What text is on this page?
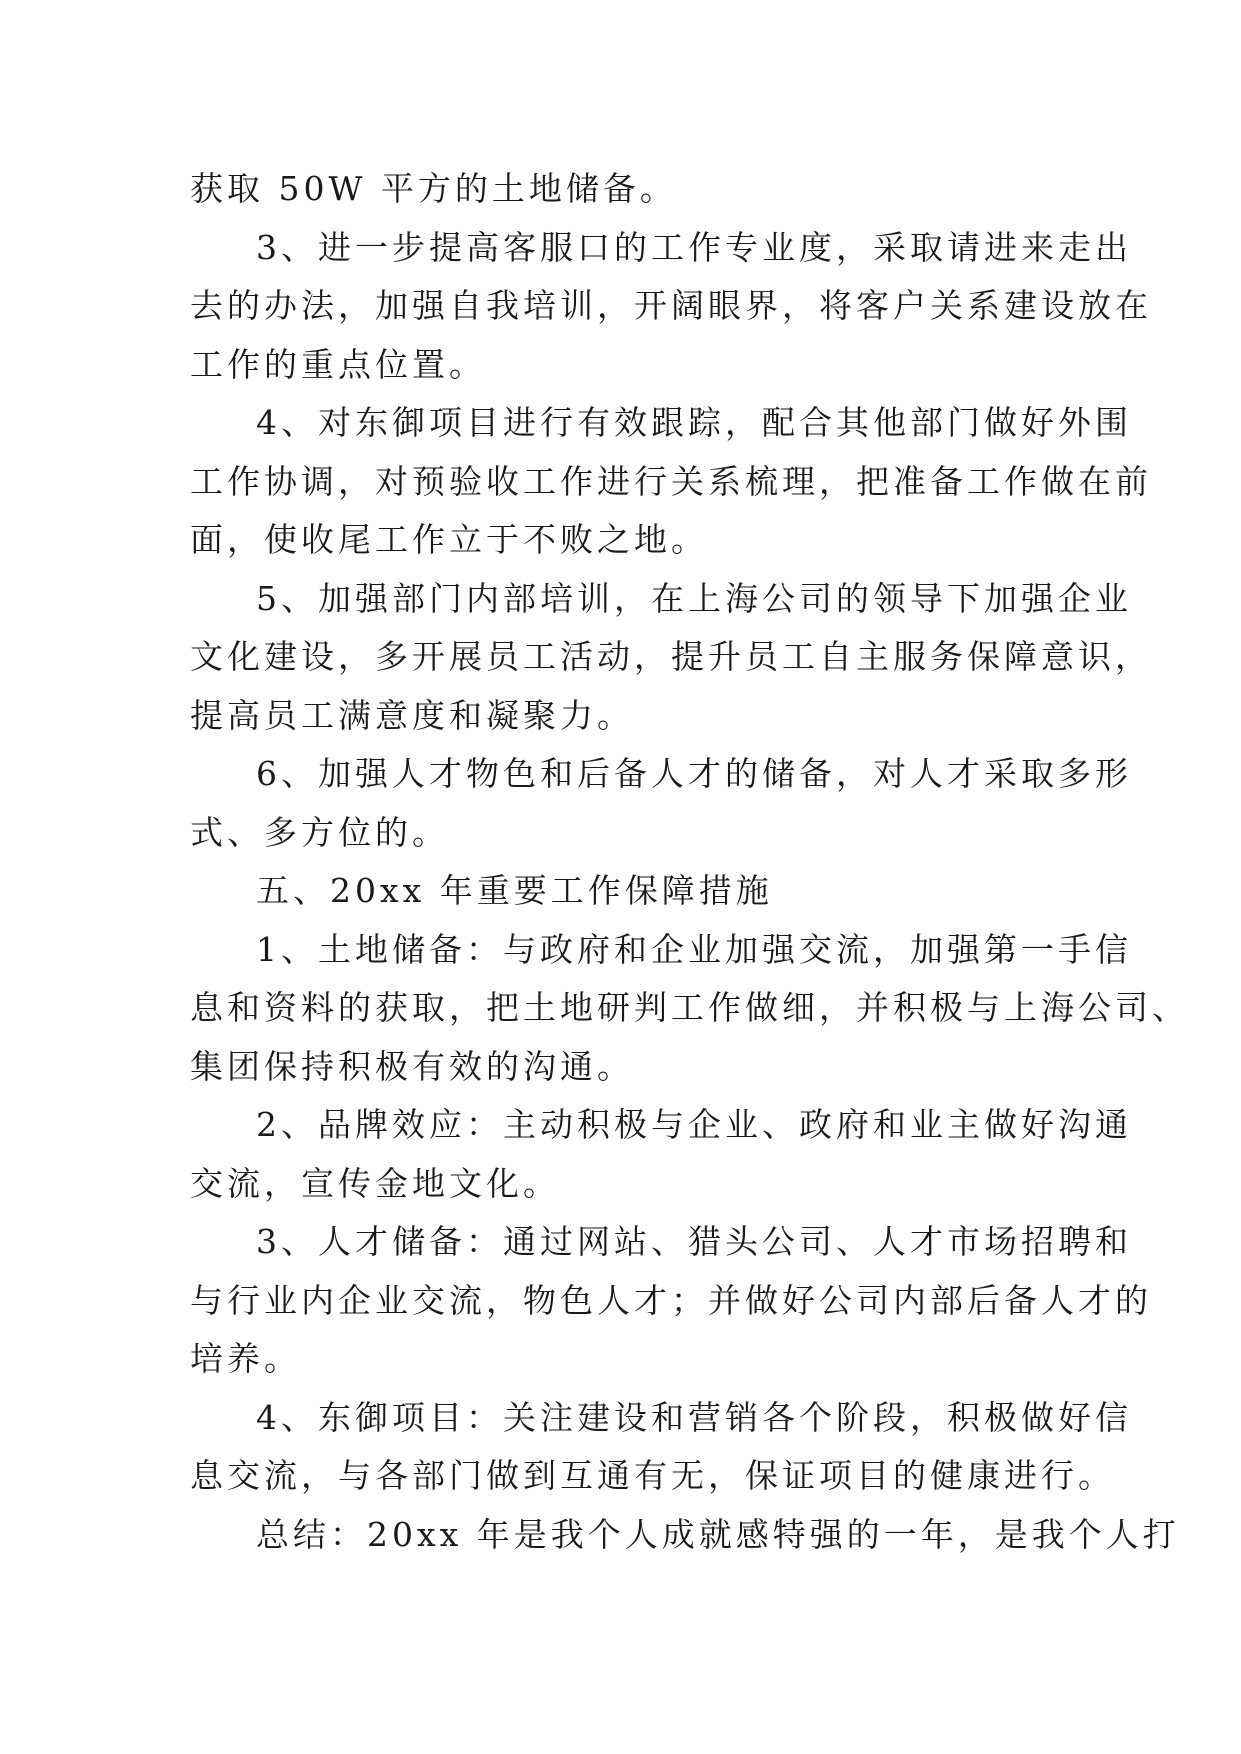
获取 50W 平方的土地储备。
3、进一步提高客服口的工作专业度，采取请进来走出
去的办法，加强自我培训，开阔眼界，将客户关系建设放在
工作的重点位置。
4、对东御项目进行有效跟踪，配合其他部门做好外围
工作协调，对预验收工作进行关系梳理，把准备工作做在前
面，使收尾工作立于不败之地。
5、加强部门内部培训，在上海公司的领导下加强企业
文化建设，多开展员工活动，提升员工自主服务保障意识，
提高员工满意度和凝聚力。
6、加强人才物色和后备人才的储备，对人才采取多形
式、多方位的。
五、20xx 年重要工作保障措施
1、土地储备：与政府和企业加强交流，加强第一手信
息和资料的获取，把土地研判工作做细，并积极与上海公司、
集团保持积极有效的沟通。
2、品牌效应：主动积极与企业、政府和业主做好沟通
交流，宣传金地文化。
3、人才储备：通过网站、猎头公司、人才市场招聘和
与行业内企业交流，物色人才；并做好公司内部后备人才的
培养。
4、东御项目：关注建设和营销各个阶段，积极做好信
息交流，与各部门做到互通有无，保证项目的健康进行。
总结：20xx 年是我个人成就感特强的一年，是我个人打
